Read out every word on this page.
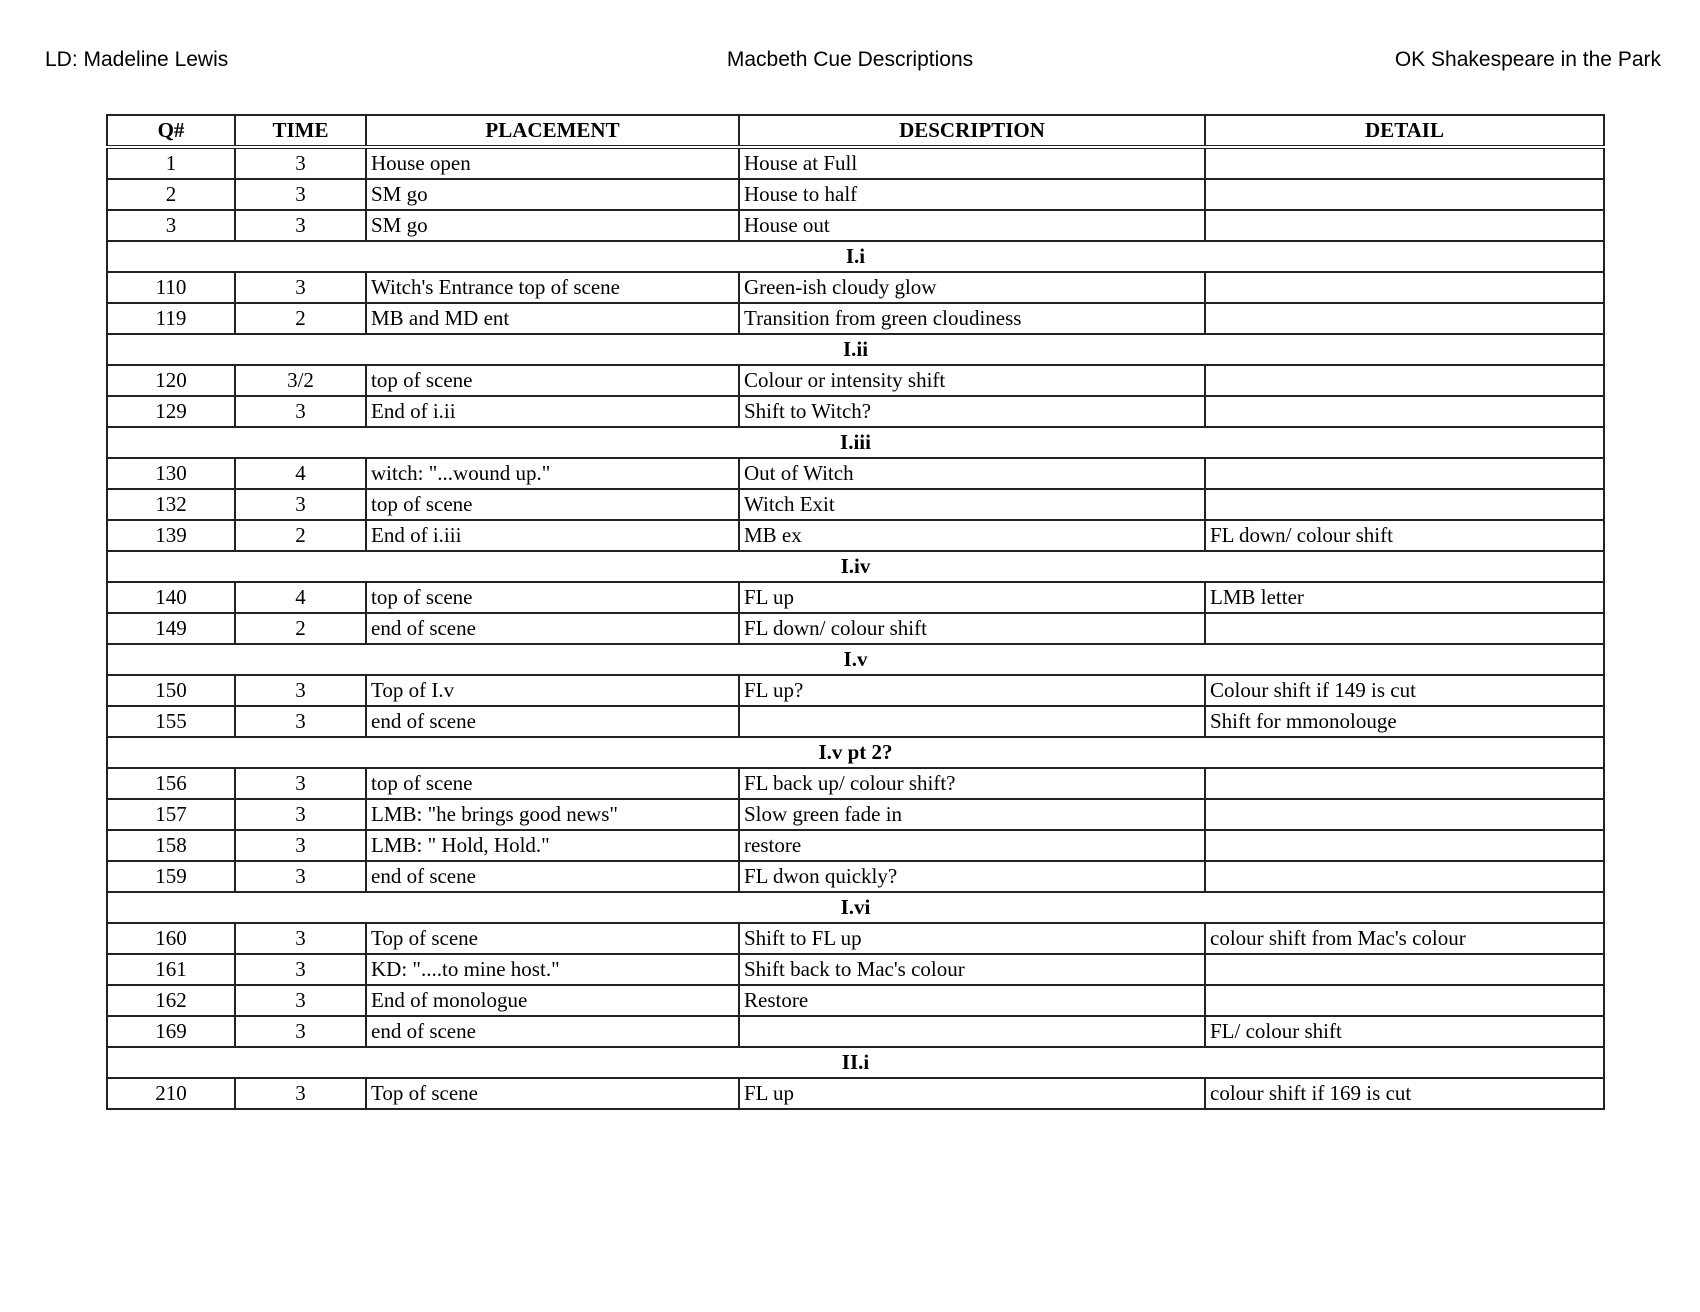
LD: Madeline Lewis	Macbeth Cue Descriptions	OK Shakespeare in the Park
Q#	TIME	PLACEMENT	DESCRIPTION	DETAIL
1	3	House open	House at Full	
2	3	SM go	House to half	
3	3	SM go	House out	
I.i				
110	3	Witch's Entrance top of scene	Green-ish cloudy glow	
119	2	MB and MD ent	Transition from green cloudiness	
I.ii				
120	3/2	top of scene	Colour or intensity shift	
129	3	End of i.ii	Shift to Witch?	
I.iii				
130	4	witch: "...wound up."	Out of Witch	
132	3	top of scene	Witch Exit	
139	2	End of i.iii	MB ex	FL down/ colour shift
I.iv				
140	4	top of scene	FL up	LMB letter
149	2	end of scene	FL down/ colour shift	
I.v				
150	3	Top of I.v	FL up?	Colour shift if 149 is cut
155	3	end of scene		Shift for mmonolouge
I.v pt 2?				
156	3	top of scene	FL back up/ colour shift?	
157	3	LMB: "he brings good news"	Slow green fade in	
158	3	LMB: " Hold, Hold."	restore	
159	3	end of scene	FL dwon quickly?	
I.vi				
160	3	Top of scene	Shift to FL up	colour shift from Mac's colour
161	3	KD: "....to mine host."	Shift back to Mac's colour	
162	3	End of monologue	Restore	
169	3	end of scene		FL/ colour shift
II.i				
210	3	Top of scene	FL up	colour shift if 169 is cut
